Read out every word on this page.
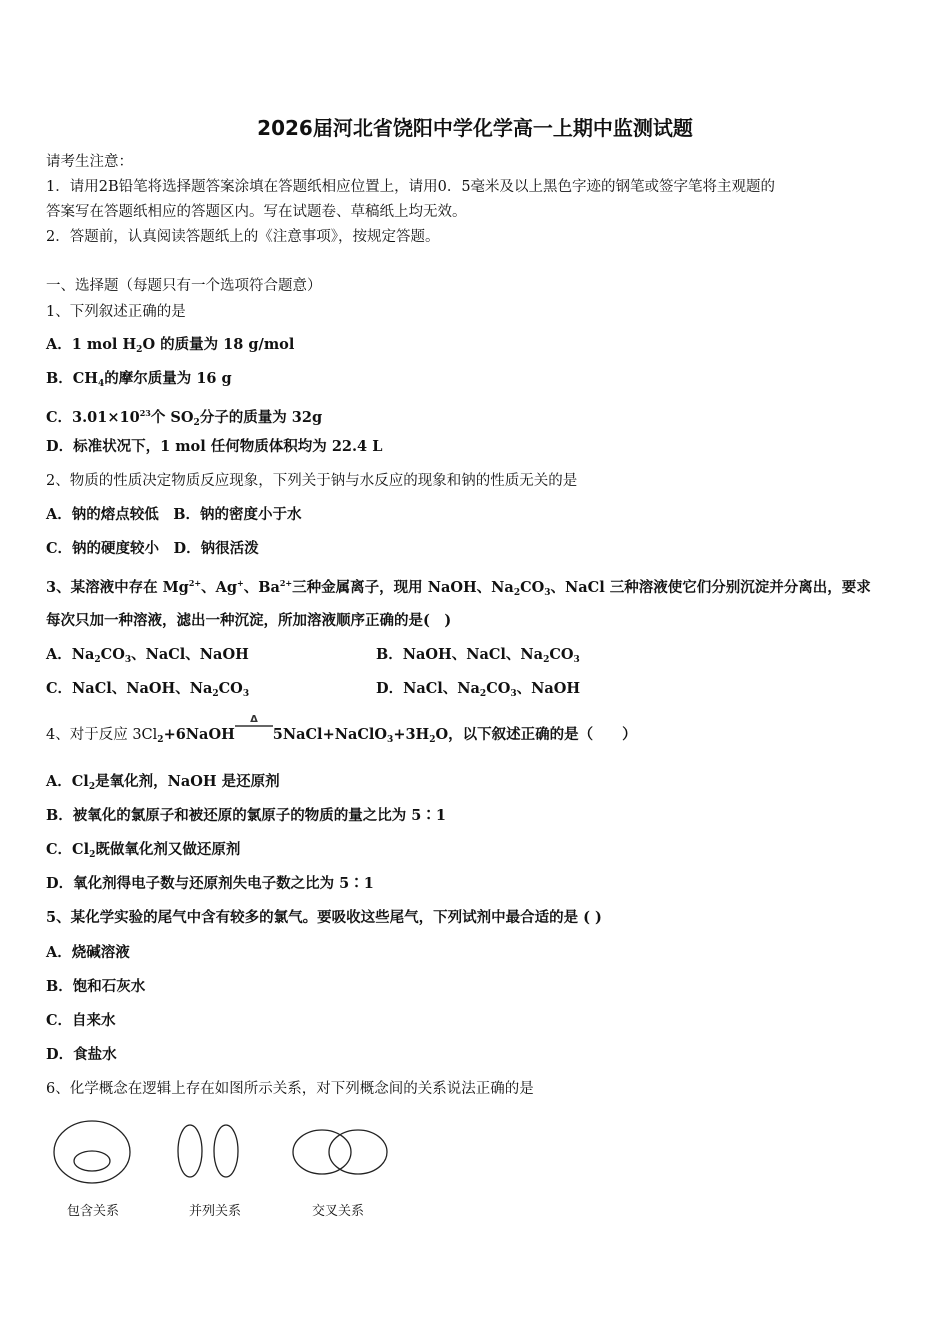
2026届河北省饶阳中学化学高一上期中监测试题
请考生注意：
1．请用2B铅笔将选择题答案涂填在答题纸相应位置上，请用0．5毫米及以上黑色字迹的钢笔或签字笔将主观题的
答案写在答题纸相应的答题区内。写在试题卷、草稿纸上均无效。
2．答题前，认真阅读答题纸上的《注意事项》，按规定答题。
一、选择题（每题只有一个选项符合题意）
1、下列叙述正确的是
A．1 mol $H_2O$ 的质量为 18 g/mol
B．$CH_4$的摩尔质量为 16 g
C．$3.01\times 10^{23}$个 $SO_2$分子的质量为 32g
D．标准状况下，1 mol 任何物质体积均为 22.4 L
2、物质的性质决定物质反应现象，下列关于钠与水反应的现象和钠的性质无关的是
A．钠的熔点较低　B．钠的密度小于水
C．钠的硬度较小　D．钠很活泼
3、某溶液中存在 $Mg^{2+}$、Ag+、$Ba^{2+}$三种金属离子，现用 NaOH、$Na_2CO_3$、NaCl 三种溶液使它们分别沉淀并分离出，要求
每次只加一种溶液，滤出一种沉淀，所加溶液顺序正确的是(　)
A．$Na_2CO_3$、NaCl、NaOH	B．NaOH、NaCl、$Na_2CO_3$
C．NaCl、NaOH、$Na_2CO_3$	D．NaCl、$Na_2CO_3$、NaOH
4、对于反应 $3Cl_2+6NaOH$
Δ
$5NaCl+NaClO_3+3H_2O$，以下叙述正确的是（　　）
A．$Cl_2$是氧化剂，NaOH 是还原剂
B．被氧化的氯原子和被还原的氯原子的物质的量之比为 5∶1
C．$Cl_2$既做氧化剂又做还原剂
D．氧化剂得电子数与还原剂失电子数之比为 5∶1
5、某化学实验的尾气中含有较多的氯气。要吸收这些尾气，下列试剂中最合适的是 ( )
A．烧碱溶液
B．饱和石灰水
C．自来水
D．食盐水
6、化学概念在逻辑上存在如图所示关系，对下列概念间的关系说法正确的是
包含关系	并列关系	交叉关系
